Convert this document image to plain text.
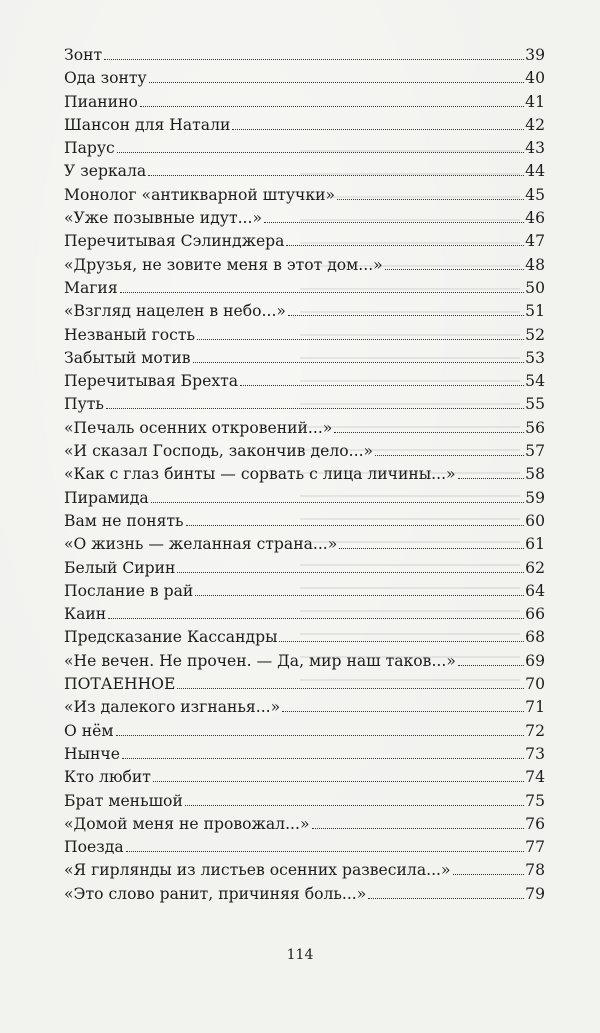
Зонт	39
Ода зонту	40
Пианино	41
Шансон для Натали	42
Парус	43
У зеркала	44
Монолог «антикварной штучки»	45
«Уже позывные идут...»	46
Перечитывая Сэлинджера	47
«Друзья, не зовите меня в этот дом...»	48
Магия	50
«Взгляд нацелен в небо...»	51
Незваный гость	52
Забытый мотив	53
Перечитывая Брехта	54
Путь	55
«Печаль осенних откровений...»	56
«И сказал Господь, закончив дело...»	57
«Как с глаз бинты — сорвать с лица личины...»	58
Пирамида	59
Вам не понять	60
«О жизнь — желанная страна...»	61
Белый Сирин	62
Послание в рай	64
Каин	66
Предсказание Кассандры	68
«Не вечен. Не прочен. — Да, мир наш таков...»	69
ПОТАЕННОЕ	70
«Из далекого изгнанья...»	71
О нём	72
Нынче	73
Кто любит	74
Брат меньшой	75
«Домой меня не провожал...»	76
Поезда	77
«Я гирлянды из листьев осенних развесила...»	78
«Это слово ранит, причиняя боль...»	79
114
